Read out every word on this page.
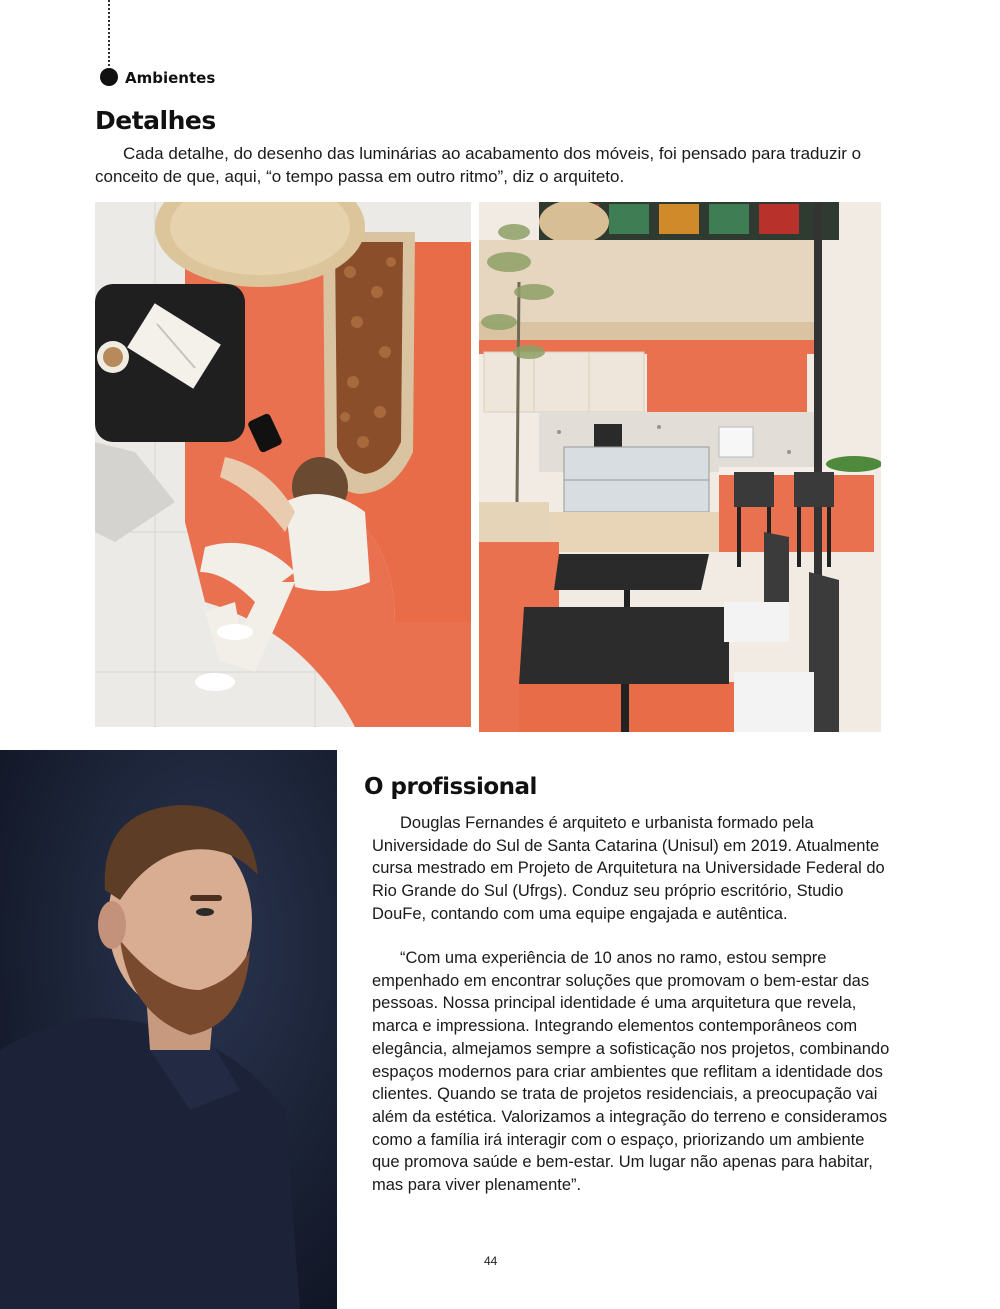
Ambientes
Detalhes

Cada detalhe, do desenho das luminárias ao acabamento dos móveis, foi pensado para traduzir o conceito de que, aqui, “o tempo passa em outro ritmo”, diz o arquiteto.

O profissional

Douglas Fernandes é arquiteto e urbanista formado pela Universidade do Sul de Santa Catarina (Unisul) em 2019. Atualmente cursa mestrado em Projeto de Arquitetura na Universidade Federal do Rio Grande do Sul (Ufrgs). Conduz seu próprio escritório, Studio DouFe, contando com uma equipe engajada e autêntica.

“Com uma experiência de 10 anos no ramo, estou sempre empenhado em encontrar soluções que promovam o bem-estar das pessoas. Nossa principal identidade é uma arquitetura que revela, marca e impressiona. Integrando elementos contemporâneos com elegância, almejamos sempre a sofisticação nos projetos, combinando espaços modernos para criar ambientes que reflitam a identidade dos clientes. Quando se trata de projetos residenciais, a preocupação vai além da estética. Valorizamos a integração do terreno e consideramos como a família irá interagir com o espaço, priorizando um ambiente que promova saúde e bem-estar. Um lugar não apenas para habitar, mas para viver plenamente”.

44
